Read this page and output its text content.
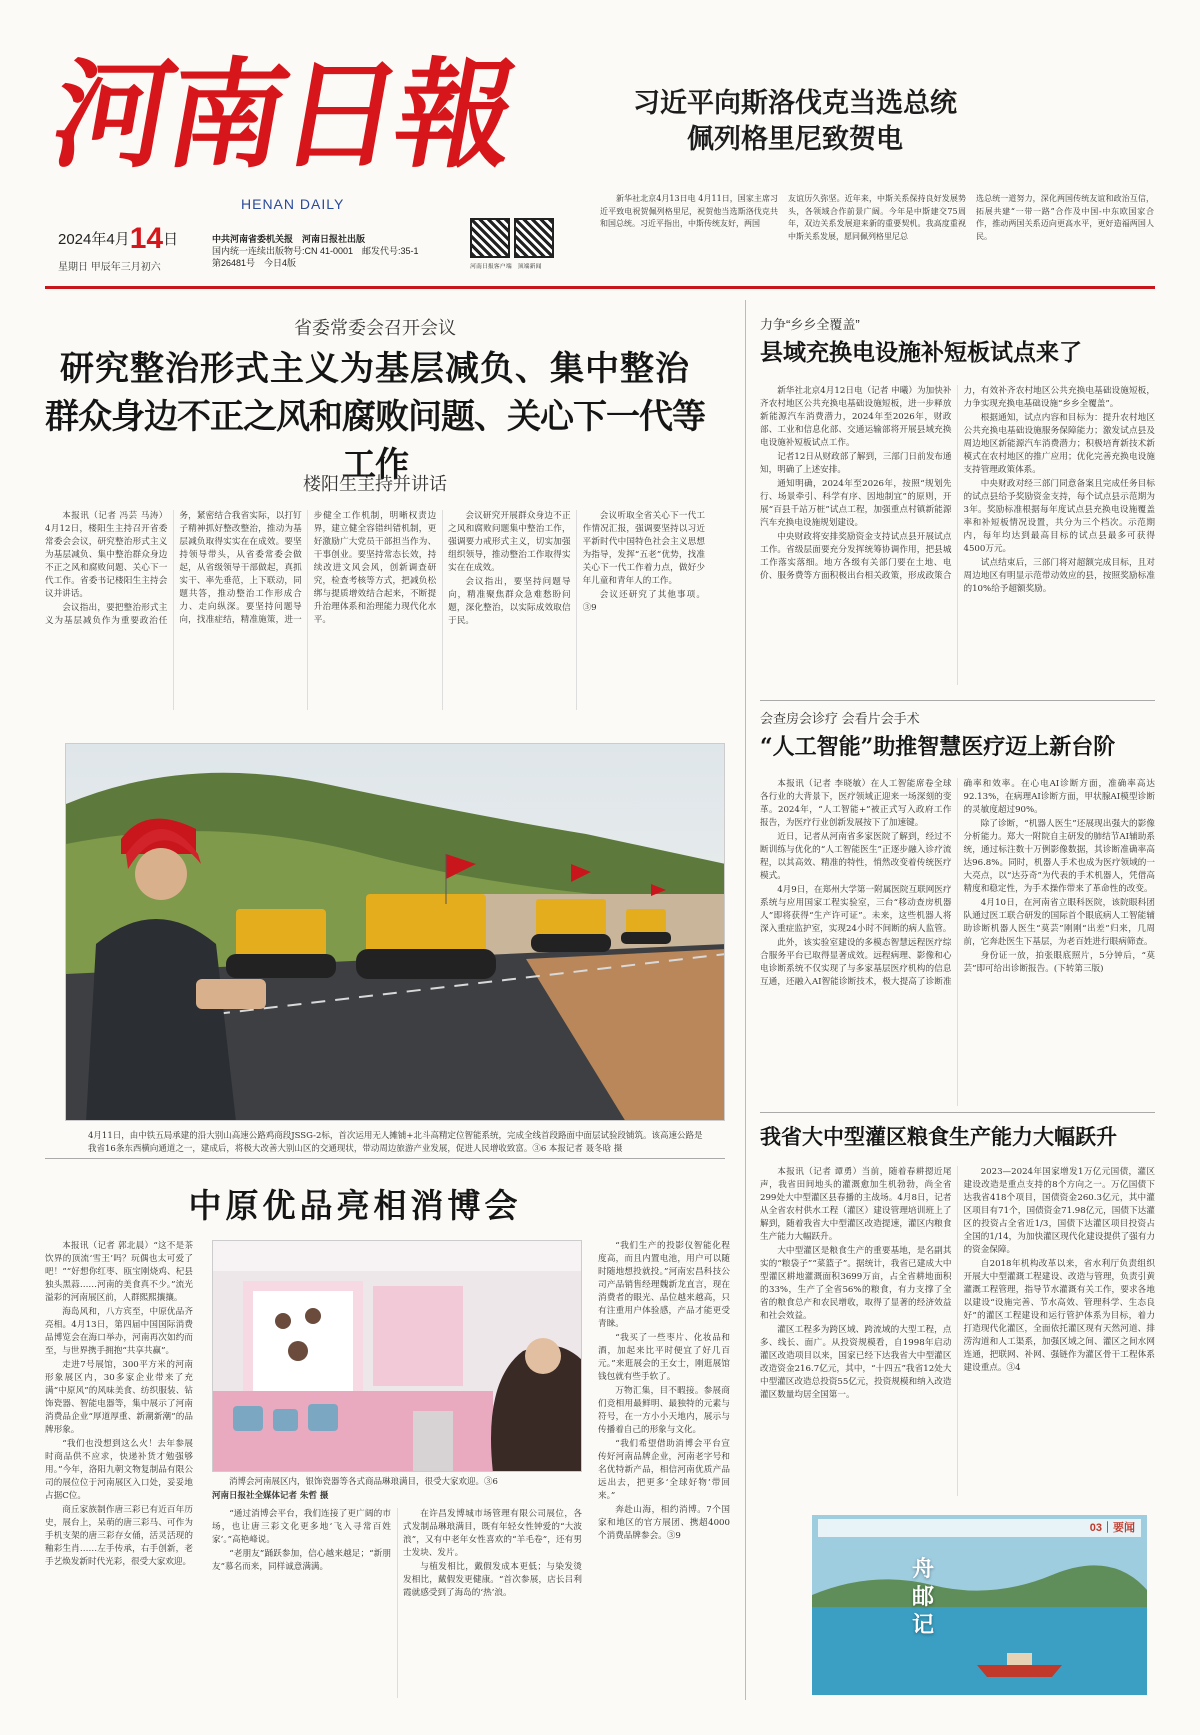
河南日報
HENAN DAILY
2024年4月14日
星期日 甲辰年三月初六
中共河南省委机关报　河南日报社出版
国内统一连续出版物号:CN 41-0001　邮发代号:35-1
第26481号　今日4版	河南日报客户端　顶端新闻
习近平向斯洛伐克当选总统
佩列格里尼致贺电

新华社北京4月13日电 4月11日，国家主席习近平致电祝贺佩列格里尼，祝贺他当选斯洛伐克共和国总统。习近平指出，中斯传统友好，两国

友谊历久弥坚。近年来，中斯关系保持良好发展势头，各领域合作前景广阔。今年是中斯建交75周年，双边关系发展迎来新的重要契机。我高度重视中斯关系发展，愿同佩列格里尼总

选总统一道努力，深化两国传统友谊和政治互信，拓展共建“一带一路”合作及中国-中东欧国家合作，推动两国关系迈向更高水平，更好造福两国人民。

省委常委会召开会议
研究整治形式主义为基层减负、集中整治
群众身边不正之风和腐败问题、关心下一代等工作
楼阳生主持并讲话

本报讯（记者 冯芸 马涛）4月12日，楼阳生主持召开省委常委会会议，研究整治形式主义为基层减负、集中整治群众身边不正之风和腐败问题、关心下一代工作。省委书记楼阳生主持会议并讲话。

会议指出，要把整治形式主义为基层减负作为重要政治任务，紧密结合我省实际，以打钉子精神抓好整改整治，推动为基层减负取得实实在在成效。要坚持领导带头，从省委常委会做起，从省级领导干部做起，真抓实干、率先垂范，上下联动，同题共答，推动整治工作形成合力、走向纵深。要坚持问题导向，找准症结，精准施策，进一步健全工作机制，明晰权责边界，建立健全容错纠错机制，更好激励广大党员干部担当作为、干事创业。要坚持常态长效，持续改进文风会风，创新调查研究，检查考核等方式，把减负松绑与提质增效结合起来，不断提升治理体系和治理能力现代化水平。

会议研究开展群众身边不正之风和腐败问题集中整治工作，强调要力戒形式主义，切实加强组织领导，推动整治工作取得实实在在成效。

会议指出，要坚持问题导向，精准聚焦群众急难愁盼问题，深化整治，以实际成效取信于民。

会议听取全省关心下一代工作情况汇报，强调要坚持以习近平新时代中国特色社会主义思想为指导，发挥“五老”优势，找准关心下一代工作着力点，做好少年儿童和青年人的工作。

会议还研究了其他事项。③9

4月11日，由中铁五局承建的沿大别山高速公路鸡商段JSSG-2标，首次运用无人摊铺+北斗高精定位智能系统，完成全线首段路面中面层试验段铺筑。该高速公路是我省16条东西横向通道之一，建成后，将极大改善大别山区的交通现状，带动周边旅游产业发展，促进人民增收致富。③6 本报记者 聂冬晗 摄
中原优品亮相消博会

本报讯（记者 郭北晨）“这不是茶饮界的顶流‘雪王’吗？玩偶也太可爱了吧！”“好想你红枣、瓯宝刚烧鸡、杞县独头黑蒜……河南的美食真不少。”流光溢彩的河南展区前，人群熙熙攘攘。

海岛风和，八方宾至，中原优品齐亮相。4月13日，第四届中国国际消费品博览会在海口举办，河南再次如约而至，与世界携手拥抱“共享共赢”。

走进7号展馆，300平方米的河南形象展区内，30多家企业带来了充满“中原风”的风味美食、纺织服装、钻饰瓷器、智能电器等，集中展示了河南消费品企业“厚道厚重、新潮新潮”的品牌形象。

“我们也没想到这么火！去年参展时商品供不应求，快递补货才勉强够用。”今年，洛阳九朝文物复制品有限公司的展位位于河南展区入口处，妥妥地占据C位。

商丘家族制作唐三彩已有近百年历史，展台上，呆萌的唐三彩马、可作为手机支架的唐三彩存女俑，活灵活现的釉彩生肖……左手传承，右手创新，老手艺焕发新时代光彩，很受大家欢迎。

消博会河南展区内，银饰瓷器等各式商品琳琅满目，很受大家欢迎。③6
河南日报社全媒体记者 朱哲 摄

“通过消博会平台，我们连接了更广阔的市场，也让唐三彩文化更多地‘飞入寻常百姓家’。”高艳峰说。

“老朋友”踊跃参加，信心越来越足；“新朋友”慕名而来，同样诚意满满。

在许昌发博城市场管理有限公司展位，各式发制品琳琅满目，既有年轻女性钟爱的“大波浪”，又有中老年女性喜欢的“羊毛卷”，还有男士发块、发片。

与植发相比，戴假发成本更低；与染发烫发相比，戴假发更健康。“首次参展，店长吕利霞就感受到了海岛的‘热’浪。

“我们生产的投影仪智能化程度高，而且内置电池，用户可以随时随地想投就投。”河南宏昌科技公司产品销售经理魏新龙直言，现在消费者的眼光、品位越来越高，只有注重用户体验感，产品才能更受青睐。

“我买了一些枣片、化妆品和酒，加起来比平时便宜了好几百元。”来逛展会的王女士，刚逛展馆钱包就有些手软了。

万物汇集，目不暇接。参展商们竞相用最鲜明、最独特的元素与符号，在一方小小天地内，展示与传播着自己的形象与文化。

“我们希望借助消博会平台宣传好河南品牌企业，河南老字号和名优特新产品，相信河南优质产品远出去，把更多‘全球好物’带回来。”

奔赴山海，相约消博。7个国家和地区的官方展团、携超4000个消费品牌参会。③9

力争“乡乡全覆盖”
县域充换电设施补短板试点来了

新华社北京4月12日电（记者 申曦）为加快补齐农村地区公共充换电基础设施短板，进一步释放新能源汽车消费潜力，2024年至2026年，财政部、工业和信息化部、交通运输部将开展县域充换电设施补短板试点工作。

记者12日从财政部了解到，三部门日前发布通知，明确了上述安排。

通知明确，2024年至2026年，按照“规划先行、场景牵引、科学有序、因地制宜”的原则，开展“百县千站万桩”试点工程，加强重点村镇新能源汽车充换电设施规划建设。

中央财政将安排奖励资金支持试点县开展试点工作。省级层面要充分发挥统筹协调作用，把县城工作落实落细。地方各级有关部门要在土地、电价、服务费等方面积极出台相关政策，形成政策合力，有效补齐农村地区公共充换电基础设施短板，力争实现充换电基础设施“乡乡全覆盖”。

根据通知，试点内容和目标为：提升农村地区公共充换电基础设施服务保障能力；激发试点县及周边地区新能源汽车消费潜力；积极培育新技术新模式在农村地区的推广应用；优化完善充换电设施支持管理政策体系。

中央财政对经三部门同意备案且完成任务目标的试点县给予奖励资金支持，每个试点县示范期为3年。奖励标准根据每年度试点县充换电设施覆盖率和补短板情况设置，共分为三个档次。示范期内，每年均达到最高目标的试点县最多可获得4500万元。

试点结束后，三部门将对超额完成目标，且对周边地区有明显示范带动效应的县，按照奖励标准的10%给予超额奖励。

会查房会诊疗 会看片会手术
“人工智能”助推智慧医疗迈上新台阶

本报讯（记者 李晓敏）在人工智能席卷全球各行业的大背景下，医疗领域正迎来一场深刻的变革。2024年，“人工智能+”被正式写入政府工作报告，为医疗行业创新发展按下了加速键。

近日，记者从河南省多家医院了解到，经过不断训练与优化的“人工智能医生”正逐步融入诊疗流程，以其高效、精准的特性，悄然改变着传统医疗模式。

4月9日，在郑州大学第一附属医院互联网医疗系统与应用国家工程实验室，三台“移动查房机器人”即将获得“生产许可证”。未来，这些机器人将深入重症监护室，实现24小时不间断的病人监管。

此外，该实验室建设的多模态智慧远程医疗综合服务平台已取得显著成效。远程病理、影像和心电诊断系统不仅实现了与多家基层医疗机构的信息互通，还融入AI智能诊断技术，极大提高了诊断准确率和效率。在心电AI诊断方面，准确率高达92.13%，在病理AI诊断方面，甲状腺AI模型诊断的灵敏度超过90%。

除了诊断，“机器人医生”还展现出强大的影像分析能力。郑大一附院自主研发的肺结节AI辅助系统，通过标注数十万例影像数据，其诊断准确率高达96.8%。同时，机器人手术也成为医疗领域的一大亮点，以“达芬奇”为代表的手术机器人，凭借高精度和稳定性，为手术操作带来了革命性的改变。

4月10日，在河南省立眼科医院，该院眼科团队通过医工联合研发的国际首个眼底病人工智能辅助诊断机器人医生“莫芸”刚刚“出差”归来，几周前，它奔赴医生下基层，为老百姓进行眼病筛查。

身份证一放，拍张眼底照片，5分钟后，“莫芸”即可给出诊断报告。(下转第三版)

我省大中型灌区粮食生产能力大幅跃升

本报讯（记者 谭勇）当前，随着春耕摁近尾声，我省田间地头的灌溉愈加生机勃勃，尚全省299处大中型灌区县春播的主战场。4月8日，记者从全省农村供水工程（灌区）建设管理培训班上了解到，随着我省大中型灌区改造提速，灌区内粮食生产能力大幅跃升。

大中型灌区是粮食生产的重要基地，是名副其实的“粮袋子”“菜篮子”。据统计，我省已建成大中型灌区耕地灌溉面积3699万亩，占全省耕地面积的33%，生产了全省56%的粮食，有力支撑了全省的粮食总产和农民增收，取得了显著的经济效益和社会效益。

灌区工程多为跨区域、跨流域的大型工程，点多、线长、面广。从投资规模看，自1998年启动灌区改造项目以来，国家已经下达我省大中型灌区改造资金216.7亿元，其中，“十四五”我省12处大中型灌区改造总投资55亿元，投资规模和纳入改造灌区数量均居全国第一。

2023—2024年国家增发1万亿元国债，灌区建设改造是重点支持的8个方向之一。万亿国债下达我省418个项目，国债资金260.3亿元，其中灌区项目有71个，国债资金71.98亿元，国债下达灌区的投资占全省近1/3，国债下达灌区项目投资占全国的1/14，为加快灌区现代化建设提供了强有力的资金保障。

自2018年机构改革以来，省水利厅负责组织开展大中型灌溉工程建设、改造与管理，负责引黄灌溉工程管理，指导节水灌溉有关工作，要求各地以建设“设施完善、节水高效、管理科学、生态良好”的灌区工程建设和运行管护体系为目标，着力打造现代化灌区，全面依托灌区现有天然河道、排涝沟道和人工渠系，加强区域之间、灌区之间水网连通，把联网、补网、强链作为灌区骨干工程体系建设重点。③4

03｜要闻
舟邮记
